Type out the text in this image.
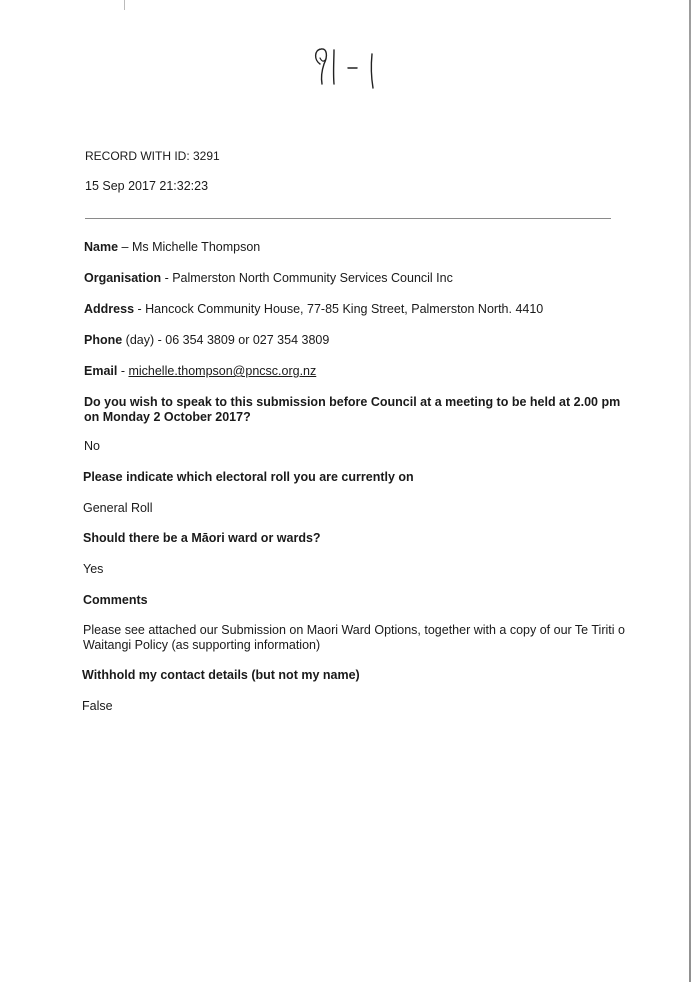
RECORD WITH ID: 3291
15 Sep 2017 21:32:23
Name – Ms Michelle Thompson
Organisation - Palmerston North Community Services Council Inc
Address - Hancock Community House, 77-85 King Street, Palmerston North. 4410
Phone (day) - 06 354 3809 or 027 354 3809
Email - michelle.thompson@pncsc.org.nz
Do you wish to speak to this submission before Council at a meeting to be held at 2.00 pm on Monday 2 October 2017?
No
Please indicate which electoral roll you are currently on
General Roll
Should there be a Māori ward or wards?
Yes
Comments
Please see attached our Submission on Maori Ward Options, together with a copy of our Te Tiriti o Waitangi Policy (as supporting information)
Withhold my contact details (but not my name)
False
